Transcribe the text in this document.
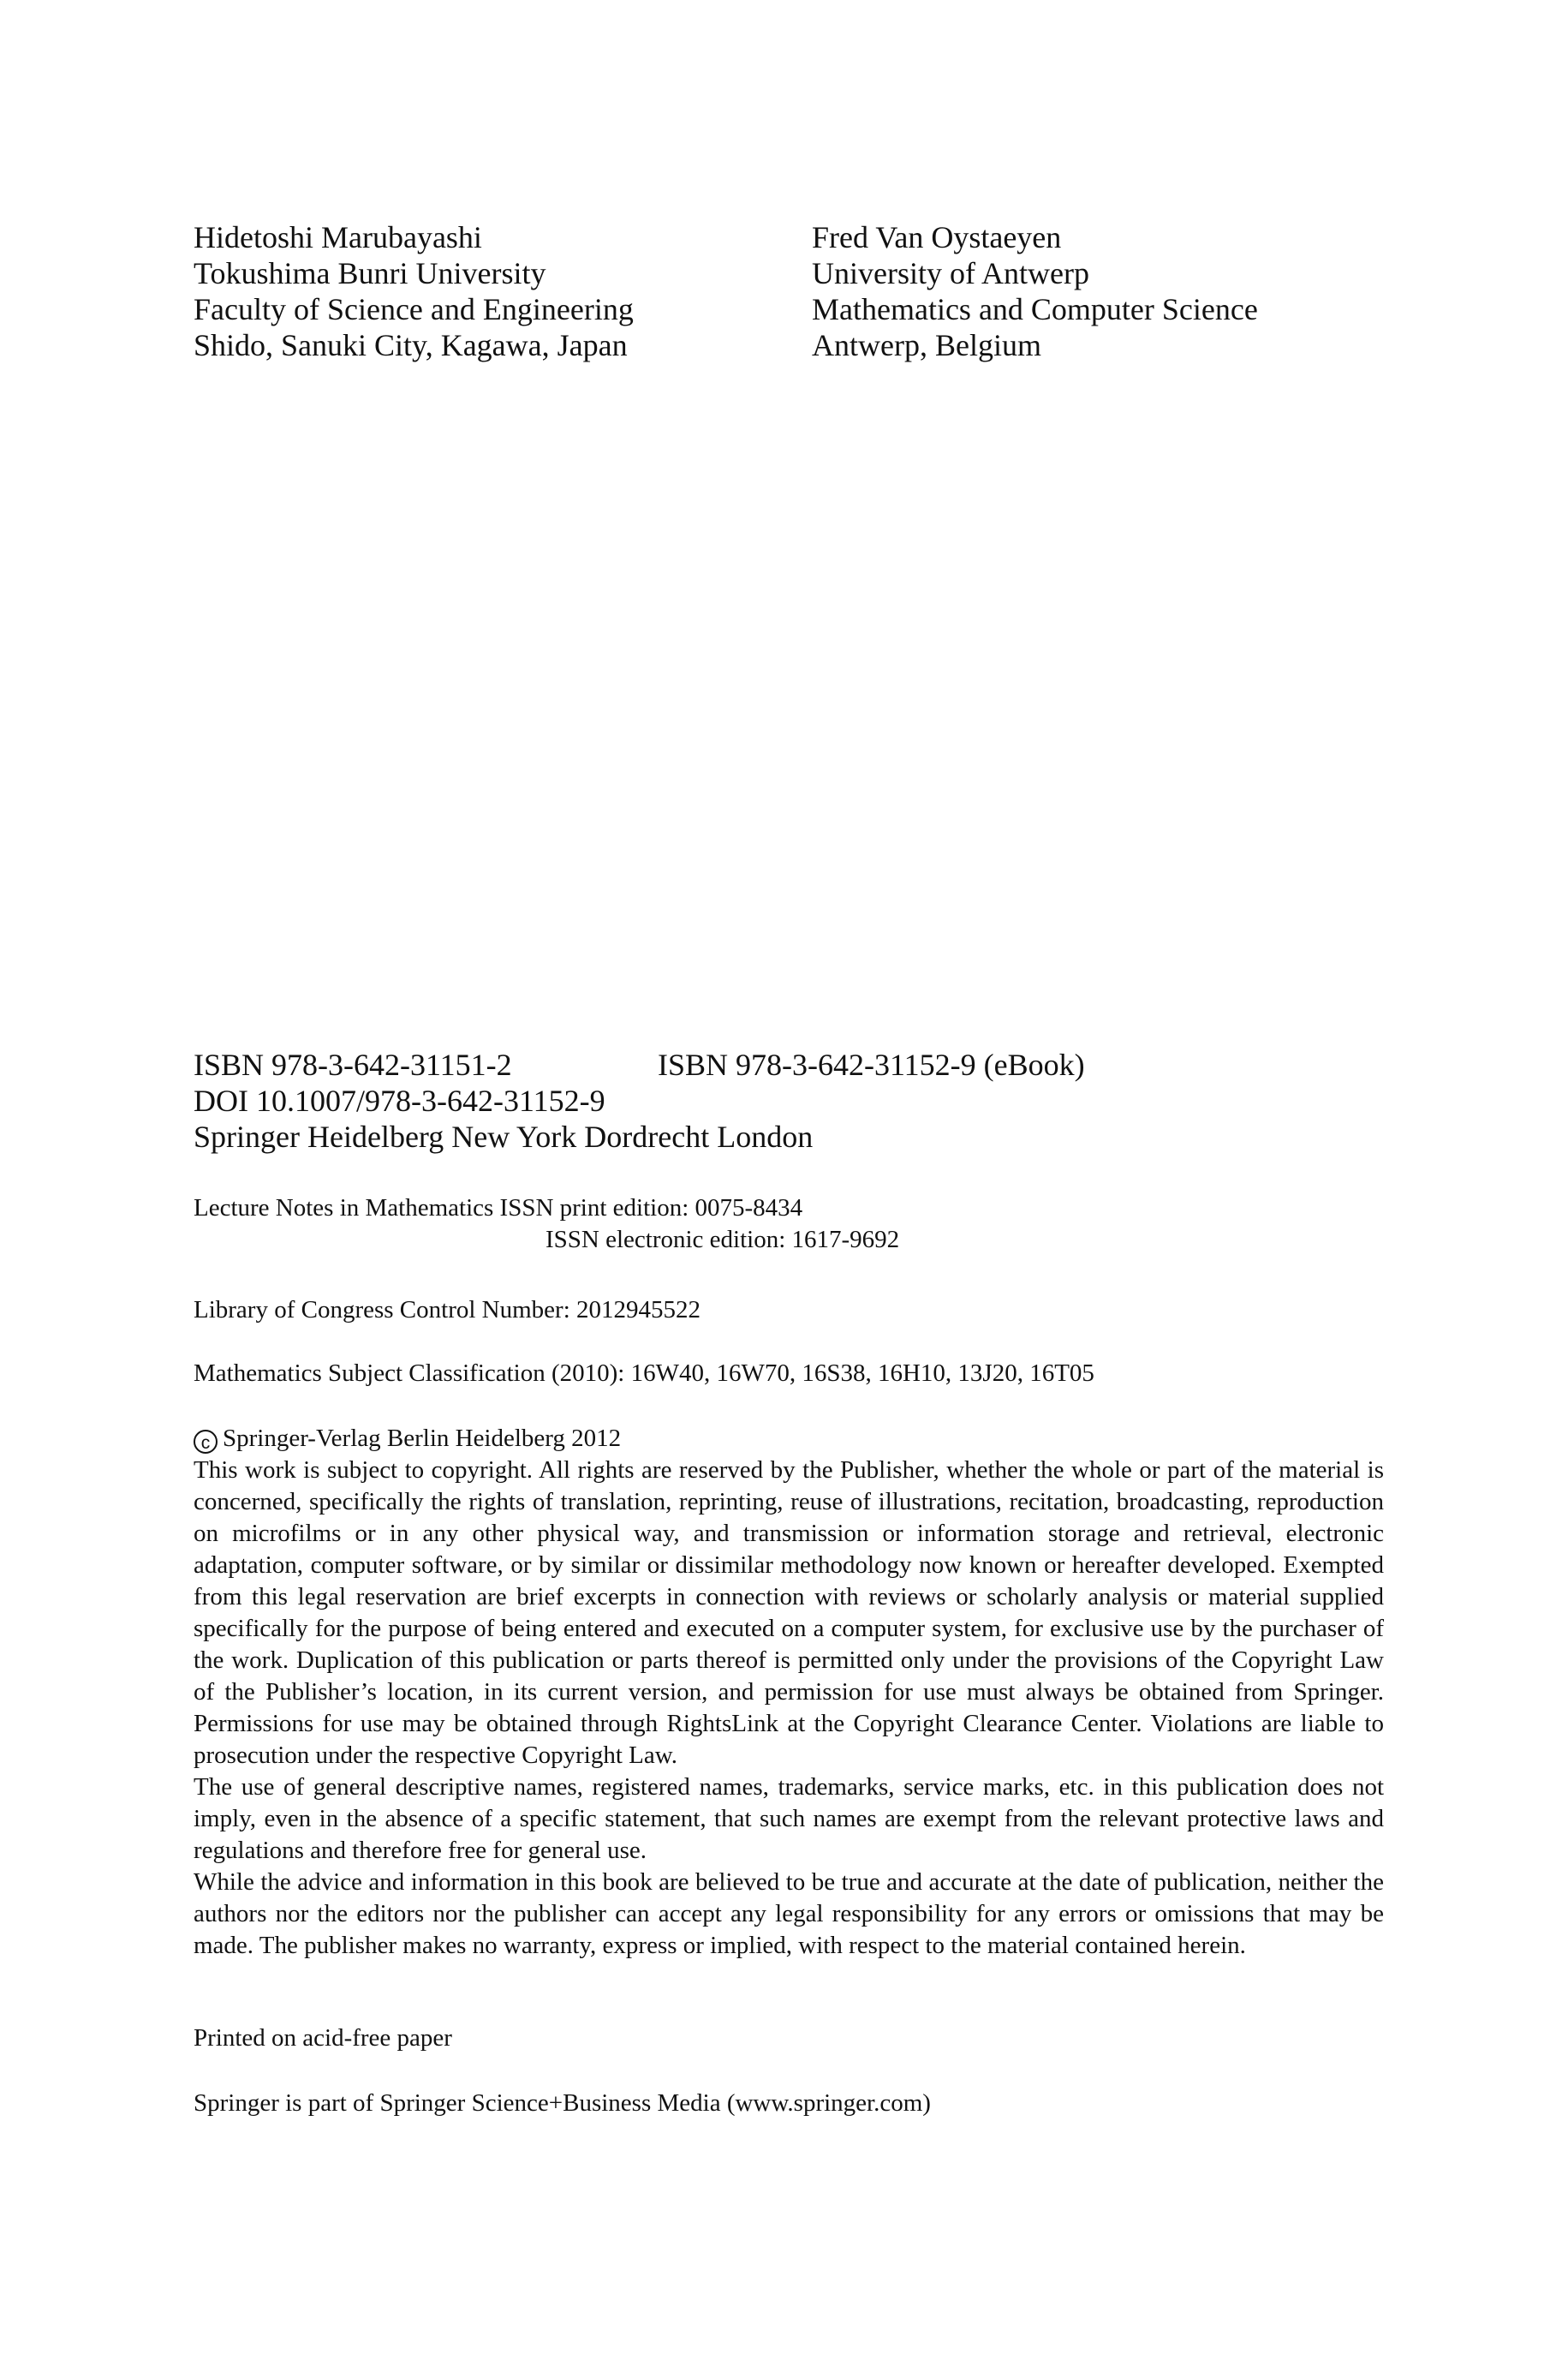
Hidetoshi Marubayashi
Tokushima Bunri University
Faculty of Science and Engineering
Shido, Sanuki City, Kagawa, Japan
Fred Van Oystaeyen
University of Antwerp
Mathematics and Computer Science
Antwerp, Belgium
ISBN 978-3-642-31151-2	ISBN 978-3-642-31152-9 (eBook)
DOI 10.1007/978-3-642-31152-9
Springer Heidelberg New York Dordrecht London
Lecture Notes in Mathematics ISSN print edition: 0075-8434
ISSN electronic edition: 1617-9692
Library of Congress Control Number: 2012945522
Mathematics Subject Classification (2010): 16W40, 16W70, 16S38, 16H10, 13J20, 16T05
c Springer-Verlag Berlin Heidelberg 2012

This work is subject to copyright. All rights are reserved by the Publisher, whether the whole or part of the material is concerned, specifically the rights of translation, reprinting, reuse of illustrations, recitation, broadcasting, reproduction on microfilms or in any other physical way, and transmission or information storage and retrieval, electronic adaptation, computer software, or by similar or dissimilar methodology now known or hereafter developed. Exempted from this legal reservation are brief excerpts in connection with reviews or scholarly analysis or material supplied specifically for the purpose of being entered and executed on a computer system, for exclusive use by the purchaser of the work. Duplication of this publication or parts thereof is permitted only under the provisions of the Copyright Law of the Publisher’s location, in its current version, and permission for use must always be obtained from Springer. Permissions for use may be obtained through RightsLink at the Copyright Clearance Center. Violations are liable to prosecution under the respective Copyright Law.

The use of general descriptive names, registered names, trademarks, service marks, etc. in this publication does not imply, even in the absence of a specific statement, that such names are exempt from the relevant protective laws and regulations and therefore free for general use.

While the advice and information in this book are believed to be true and accurate at the date of publication, neither the authors nor the editors nor the publisher can accept any legal responsibility for any errors or omissions that may be made. The publisher makes no warranty, express or implied, with respect to the material contained herein.

Printed on acid-free paper
Springer is part of Springer Science+Business Media (www.springer.com)
